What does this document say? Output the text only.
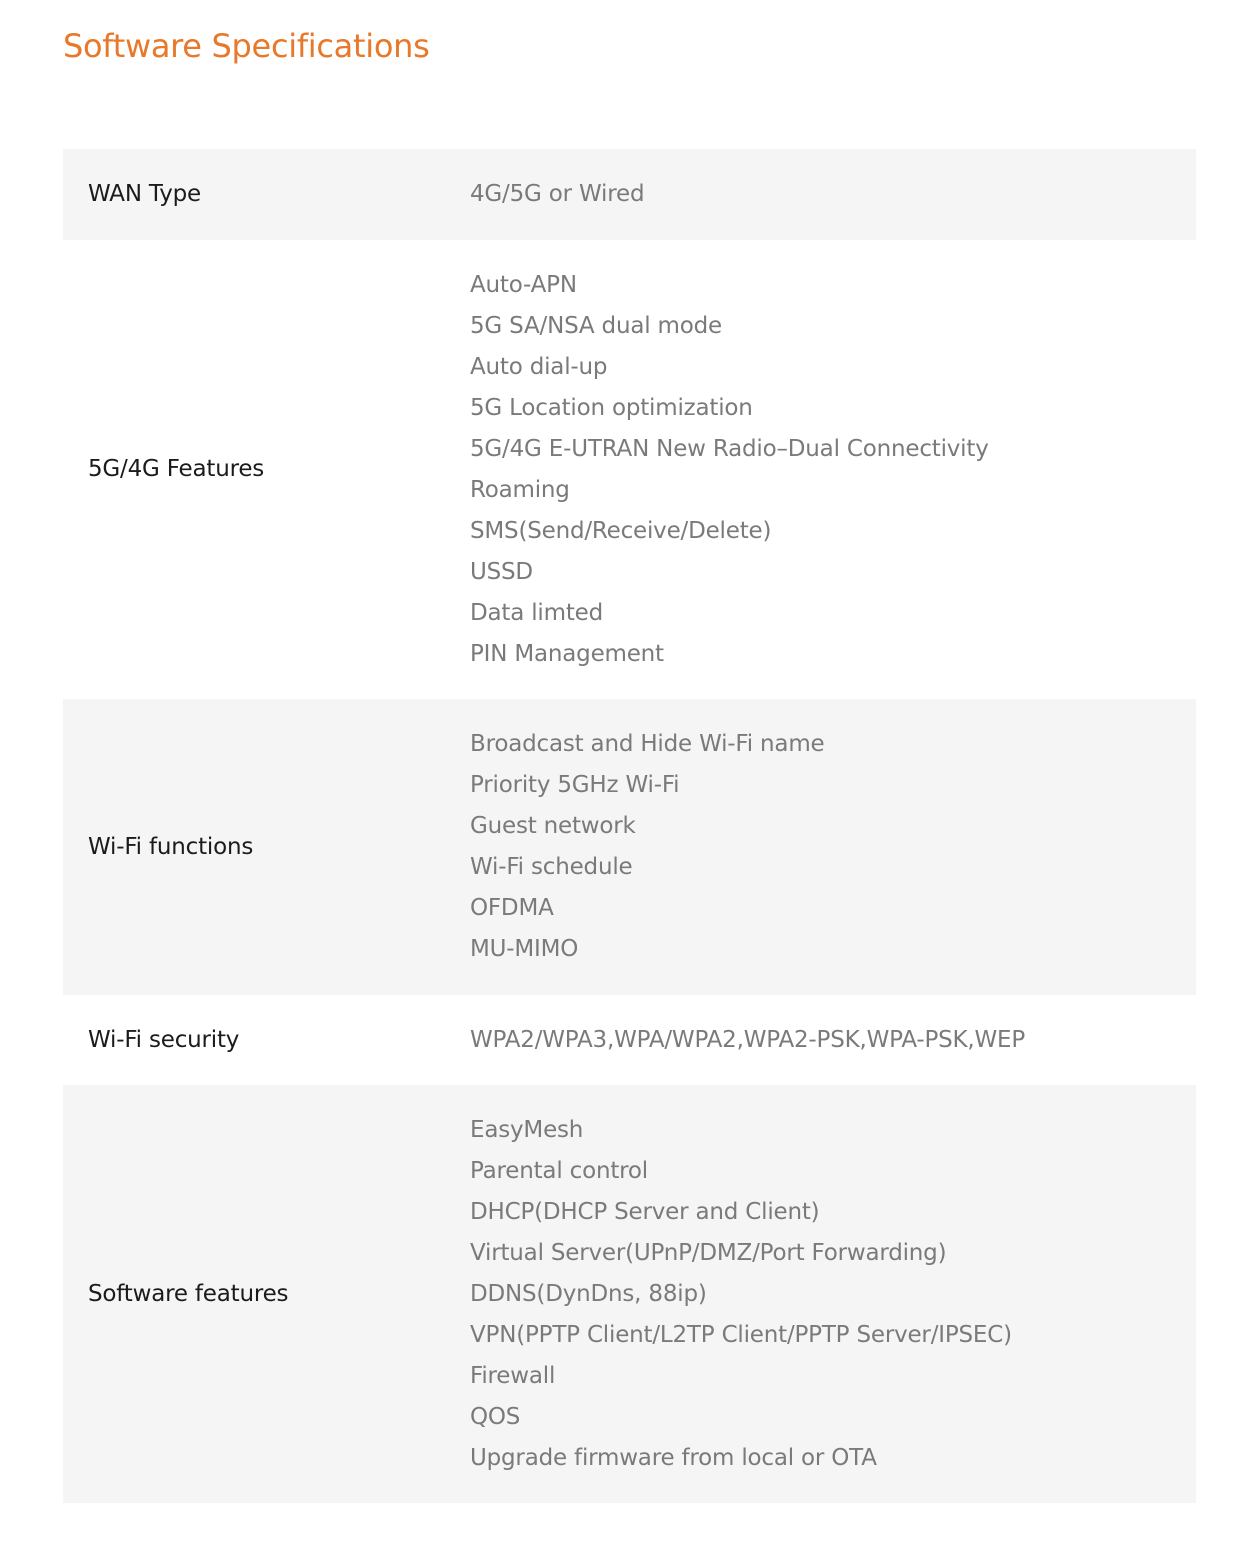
Software Specifications
WAN Type	4G/5G or Wired
5G/4G Features
Auto-APN
5G SA/NSA dual mode
Auto dial-up
5G Location optimization
5G/4G E-UTRAN New Radio–Dual Connectivity
Roaming
SMS(Send/Receive/Delete)
USSD
Data limted
PIN Management
Wi-Fi functions
Broadcast and Hide Wi-Fi name
Priority 5GHz Wi-Fi
Guest network
Wi-Fi schedule
OFDMA
MU-MIMO
Wi-Fi security	WPA2/WPA3,WPA/WPA2,WPA2-PSK,WPA-PSK,WEP
Software features
EasyMesh
Parental control
DHCP(DHCP Server and Client)
Virtual Server(UPnP/DMZ/Port Forwarding)
DDNS(DynDns, 88ip)
VPN(PPTP Client/L2TP Client/PPTP Server/IPSEC)
Firewall
QOS
Upgrade firmware from local or OTA
